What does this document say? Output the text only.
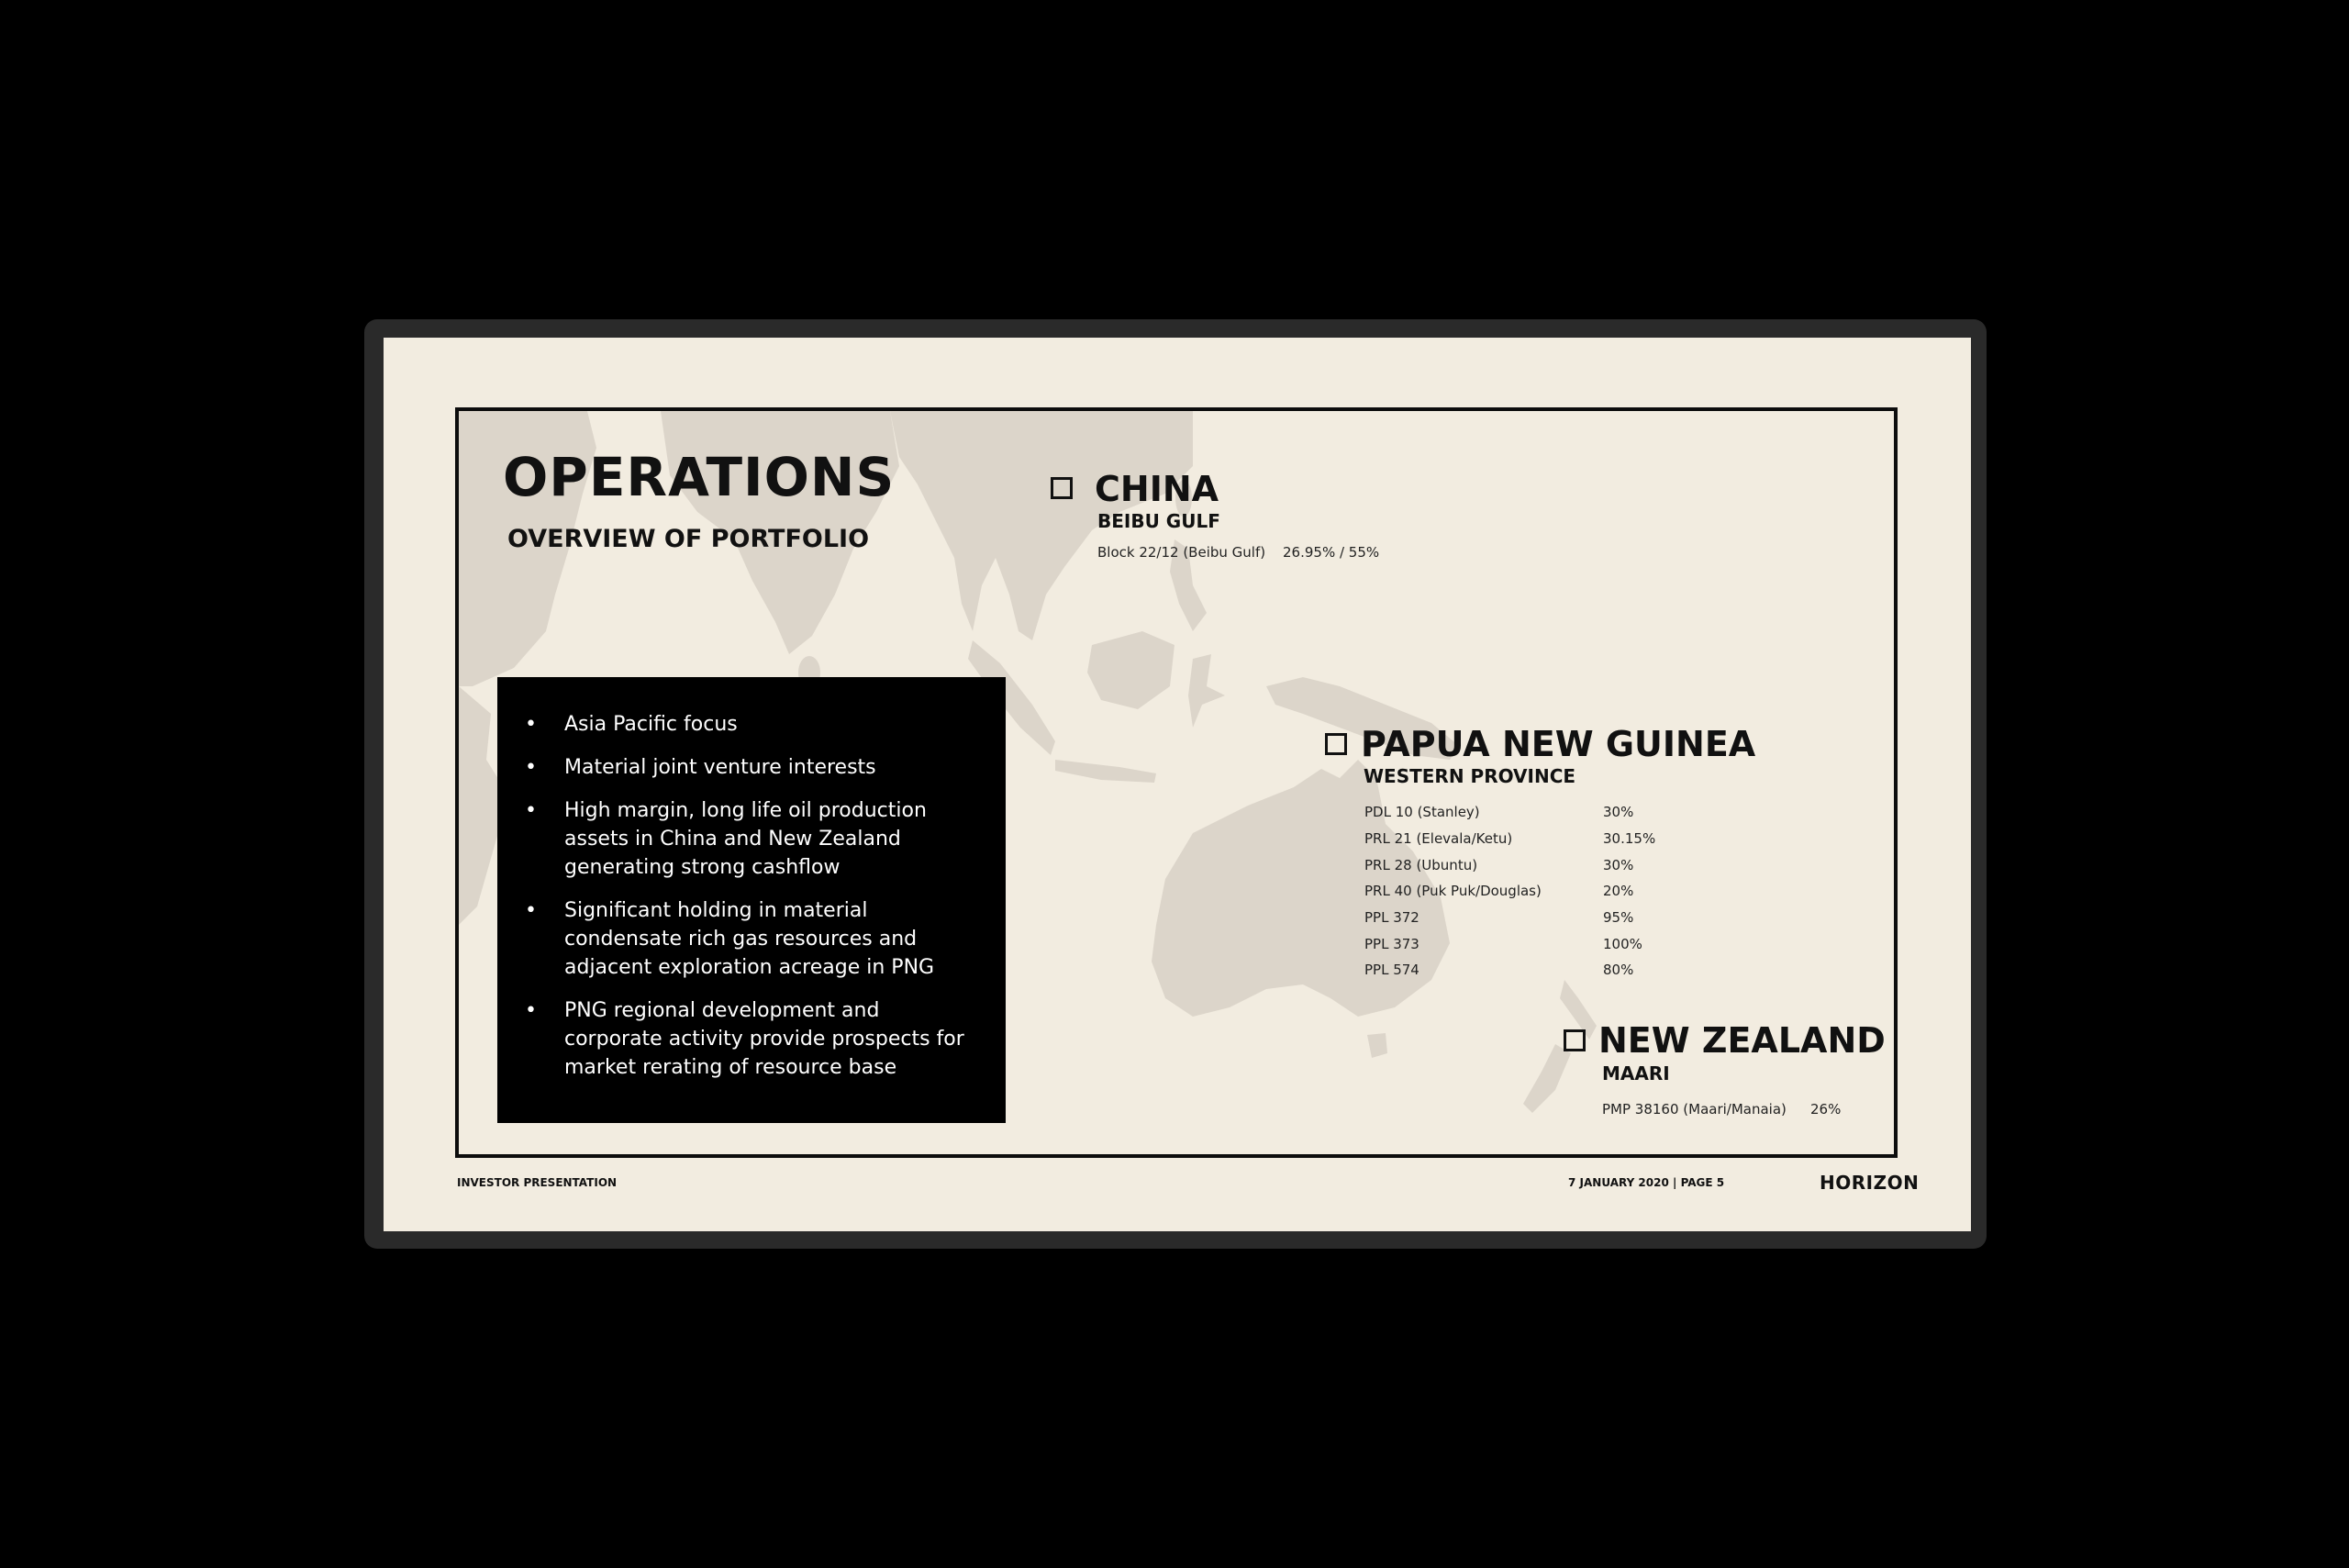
OPERATIONS
OVERVIEW OF PORTFOLIO
• Asia Pacific focus
• Material joint venture interests
• High margin, long life oil production assets in China and New Zealand generating strong cashflow
• Significant holding in material condensate rich gas resources and adjacent exploration acreage in PNG
• PNG regional development and corporate activity provide prospects for market rerating of resource base
CHINA
BEIBU GULF
Block 22/12 (Beibu Gulf) 26.95% / 55%
PAPUA NEW GUINEA
WESTERN PROVINCE
PDL 10 (Stanley)	30%
PRL 21 (Elevala/Ketu)	30.15%
PRL 28 (Ubuntu)	30%
PRL 40 (Puk Puk/Douglas)	20%
PPL 372	95%
PPL 373	100%
PPL 574	80%
NEW ZEALAND
MAARI
PMP 38160 (Maari/Manaia) 26%
INVESTOR PRESENTATION	7 JANUARY 2020 | PAGE 5	HORIZON
